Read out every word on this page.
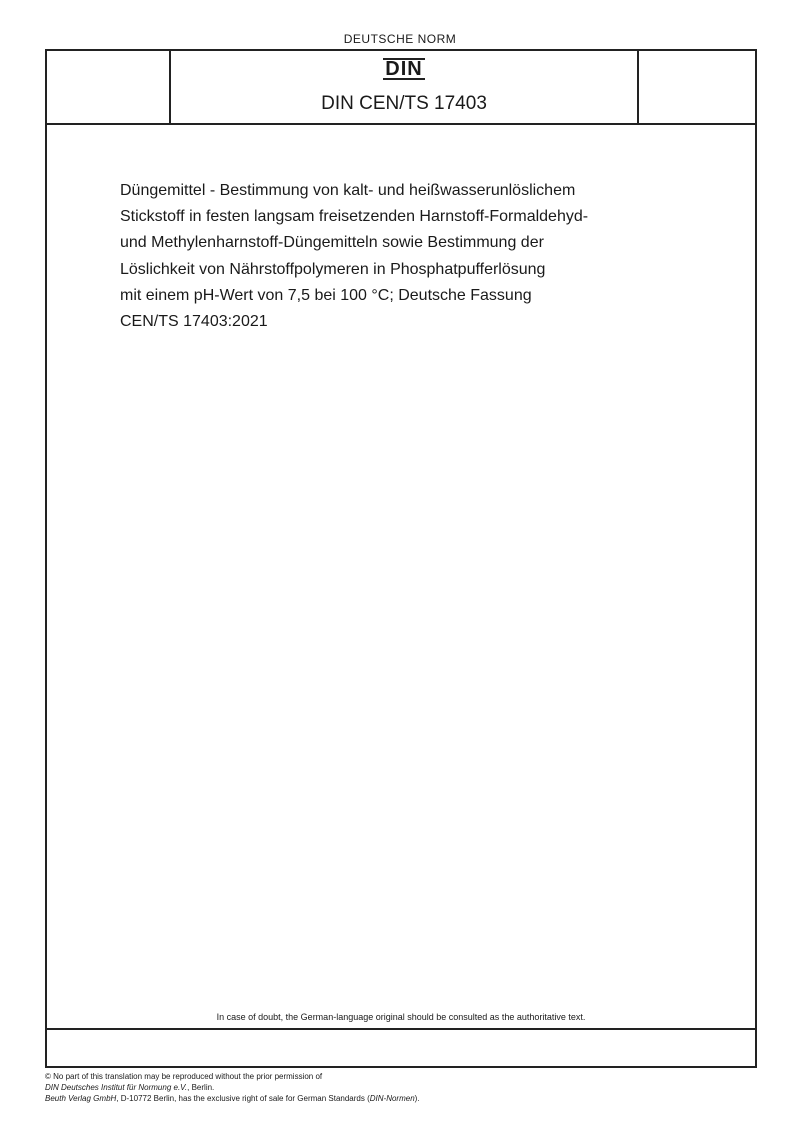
DEUTSCHE NORM
DIN
DIN CEN/TS 17403
Düngemittel - Bestimmung von kalt- und heißwasserunlöslichem
Stickstoff in festen langsam freisetzenden Harnstoff-Formaldehyd-
und Methylenharnstoff-Düngemitteln sowie Bestimmung der
Löslichkeit von Nährstoffpolymeren in Phosphatpufferlösung
mit einem pH-Wert von 7,5 bei 100 °C; Deutsche Fassung
CEN/TS 17403:2021
In case of doubt, the German-language original should be consulted as the authoritative text.
© No part of this translation may be reproduced without the prior permission of
DIN Deutsches Institut für Normung e.V., Berlin.
Beuth Verlag GmbH, D-10772 Berlin, has the exclusive right of sale for German Standards (DIN-Normen).
